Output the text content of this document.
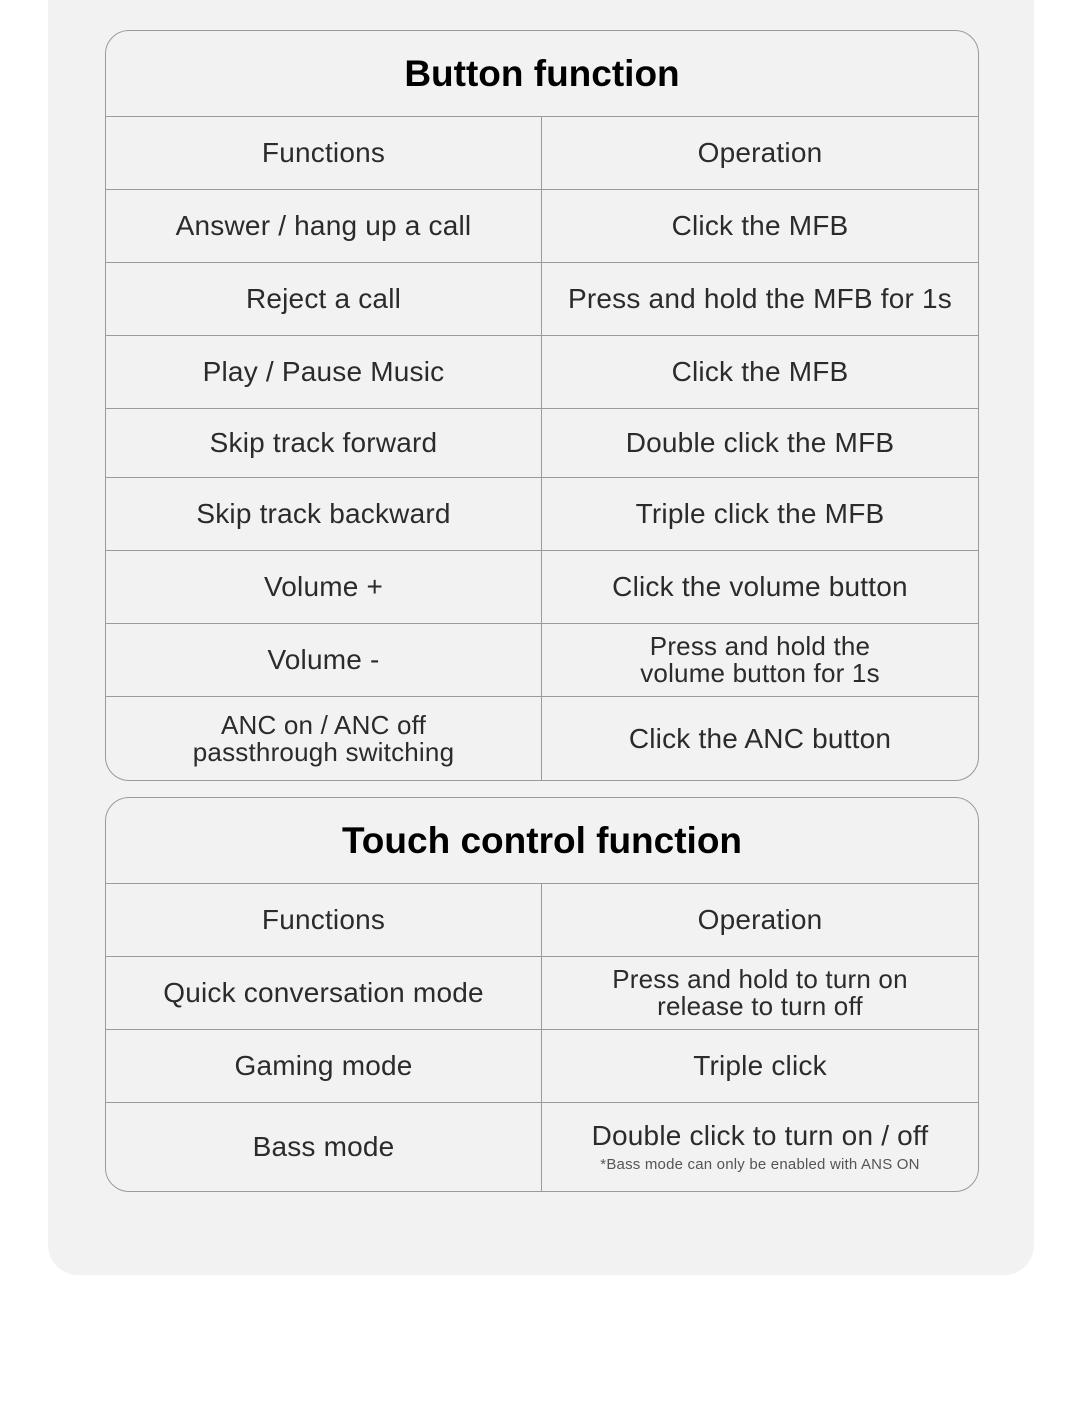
Button function
Functions	Operation
Answer / hang up a call	Click the MFB
Reject a call	Press and hold the MFB for 1s
Play / Pause Music	Click the MFB
Skip track forward	Double click the MFB
Skip track backward	Triple click the MFB
Volume +	Click the volume button
Volume -	Press and hold the
volume button for 1s
ANC on / ANC off
passthrough switching	Click the ANC button
Touch control function
Functions	Operation
Quick conversation mode	Press and hold to turn on
release to turn off
Gaming mode	Triple click
Bass mode	Double click to turn on / off
*Bass mode can only be enabled with ANS ON
